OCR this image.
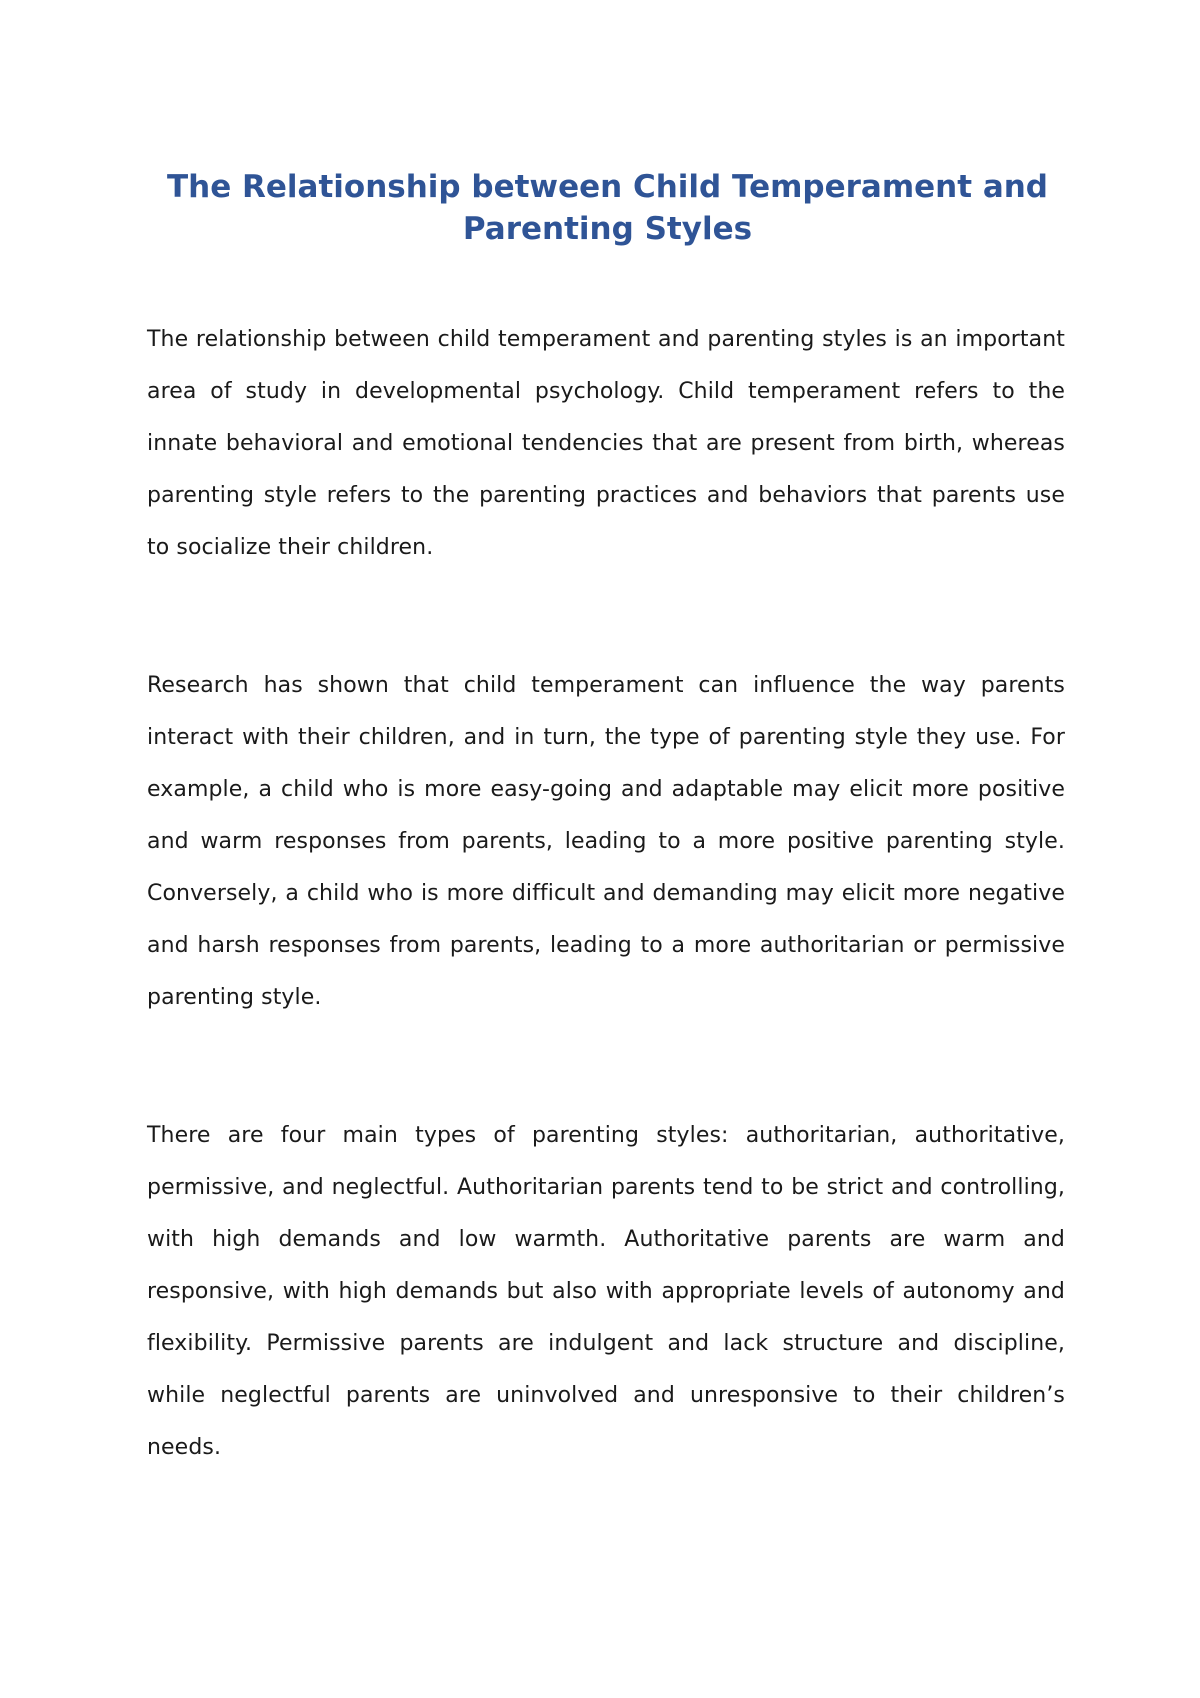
The Relationship between Child Temperament and Parenting Styles

The relationship between child temperament and parenting styles is an important area of study in developmental psychology. Child temperament refers to the innate behavioral and emotional tendencies that are present from birth, whereas parenting style refers to the parenting practices and behaviors that parents use to socialize their children.

Research has shown that child temperament can influence the way parents interact with their children, and in turn, the type of parenting style they use. For example, a child who is more easy-going and adaptable may elicit more positive and warm responses from parents, leading to a more positive parenting style. Conversely, a child who is more difficult and demanding may elicit more negative and harsh responses from parents, leading to a more authoritarian or permissive parenting style.

There are four main types of parenting styles: authoritarian, authoritative, permissive, and neglectful. Authoritarian parents tend to be strict and controlling, with high demands and low warmth. Authoritative parents are warm and responsive, with high demands but also with appropriate levels of autonomy and flexibility. Permissive parents are indulgent and lack structure and discipline, while neglectful parents are uninvolved and unresponsive to their children’s needs.
